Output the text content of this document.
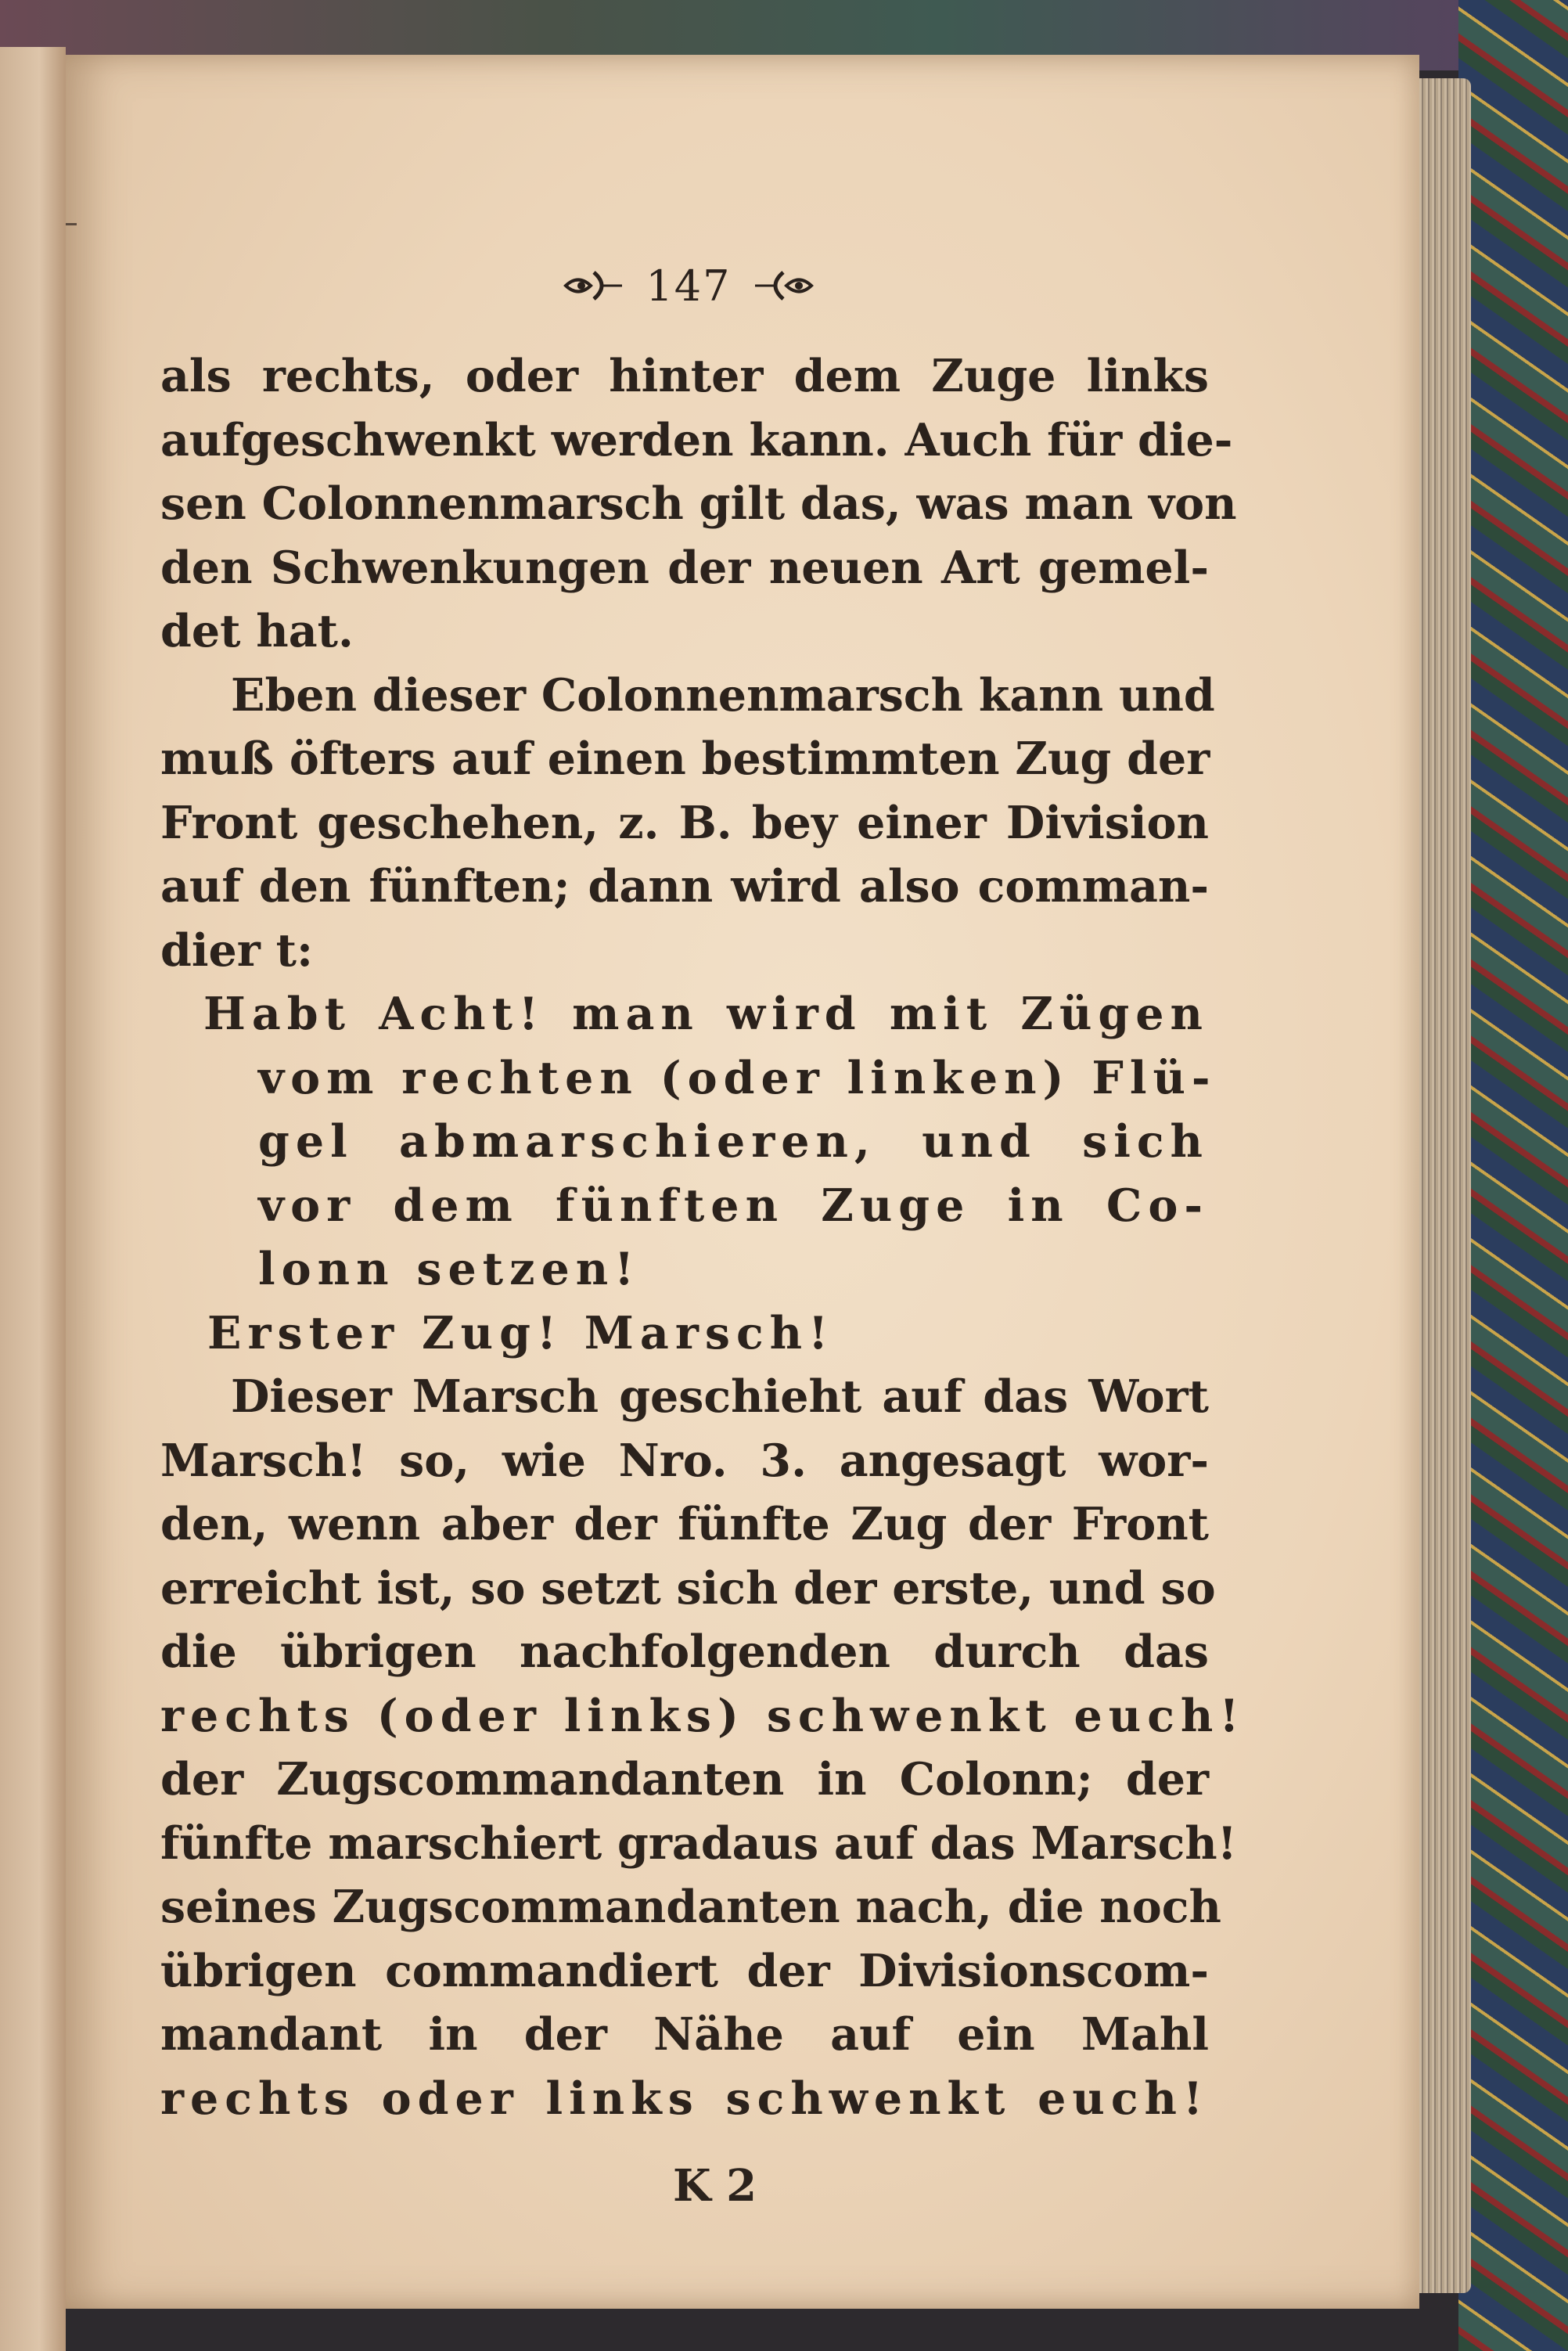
147
als rechts, oder hinter dem Zuge links
aufgeschwenkt werden kann. Auch für die-
sen Colonnenmarsch gilt das, was man von
den Schwenkungen der neuen Art gemel-
det hat.
Eben dieser Colonnenmarsch kann und
muß öfters auf einen bestimmten Zug der
Front geschehen, z. B. bey einer Division
auf den fünften; dann wird also comman-
dier t:
Habt Acht! man wird mit Zügen
vom rechten (oder linken) Flü-
gel abmarschieren, und sich
vor dem fünften Zuge in Co-
lonn setzen!
Erster Zug! Marsch!
Dieser Marsch geschieht auf das Wort
Marsch! so, wie Nro. 3. angesagt wor-
den, wenn aber der fünfte Zug der Front
erreicht ist, so setzt sich der erste, und so
die übrigen nachfolgenden durch das
rechts (oder links) schwenkt euch!
der Zugscommandanten in Colonn; der
fünfte marschiert gradaus auf das Marsch!
seines Zugscommandanten nach, die noch
übrigen commandiert der Divisionscom-
mandant in der Nähe auf ein Mahl
rechts oder links schwenkt euch!
K 2
